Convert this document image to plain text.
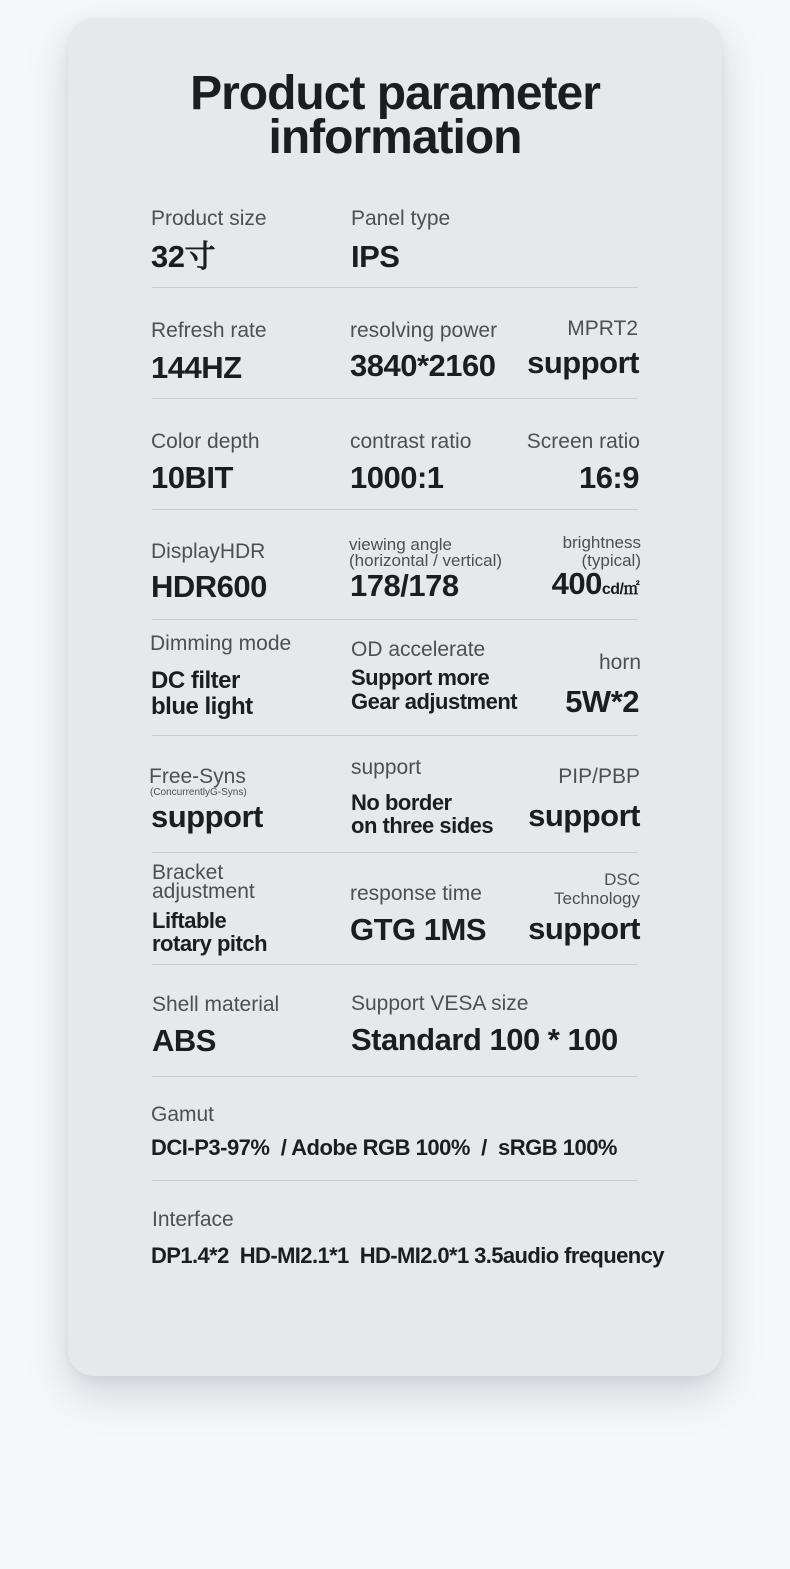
Product parameter
information
Product size
32寸
Panel type
IPS
Refresh rate
144HZ
resolving power
3840*2160
MPRT2
support
Color depth
10BIT
contrast ratio
1000:1
Screen ratio
16:9
DisplayHDR
HDR600
viewing angle
(horizontal / vertical)
178/178
brightness
(typical)
400cd/㎡
Dimming mode
DC filter
blue light
OD accelerate
Support more
Gear adjustment
horn
5W*2
Free-Syns
(ConcurrentlyG-Syns)
support
support
No border
on three sides
PIP/PBP
support
Bracket
adjustment
Liftable
rotary pitch
response time
GTG 1MS
DSC
Technology
support
Shell material
ABS
Support VESA size
Standard 100 * 100
Gamut
DCI-P3-97%  / Adobe RGB 100%  /  sRGB 100%
Interface
DP1.4*2  HD-MI2.1*1  HD-MI2.0*1 3.5audio frequency
